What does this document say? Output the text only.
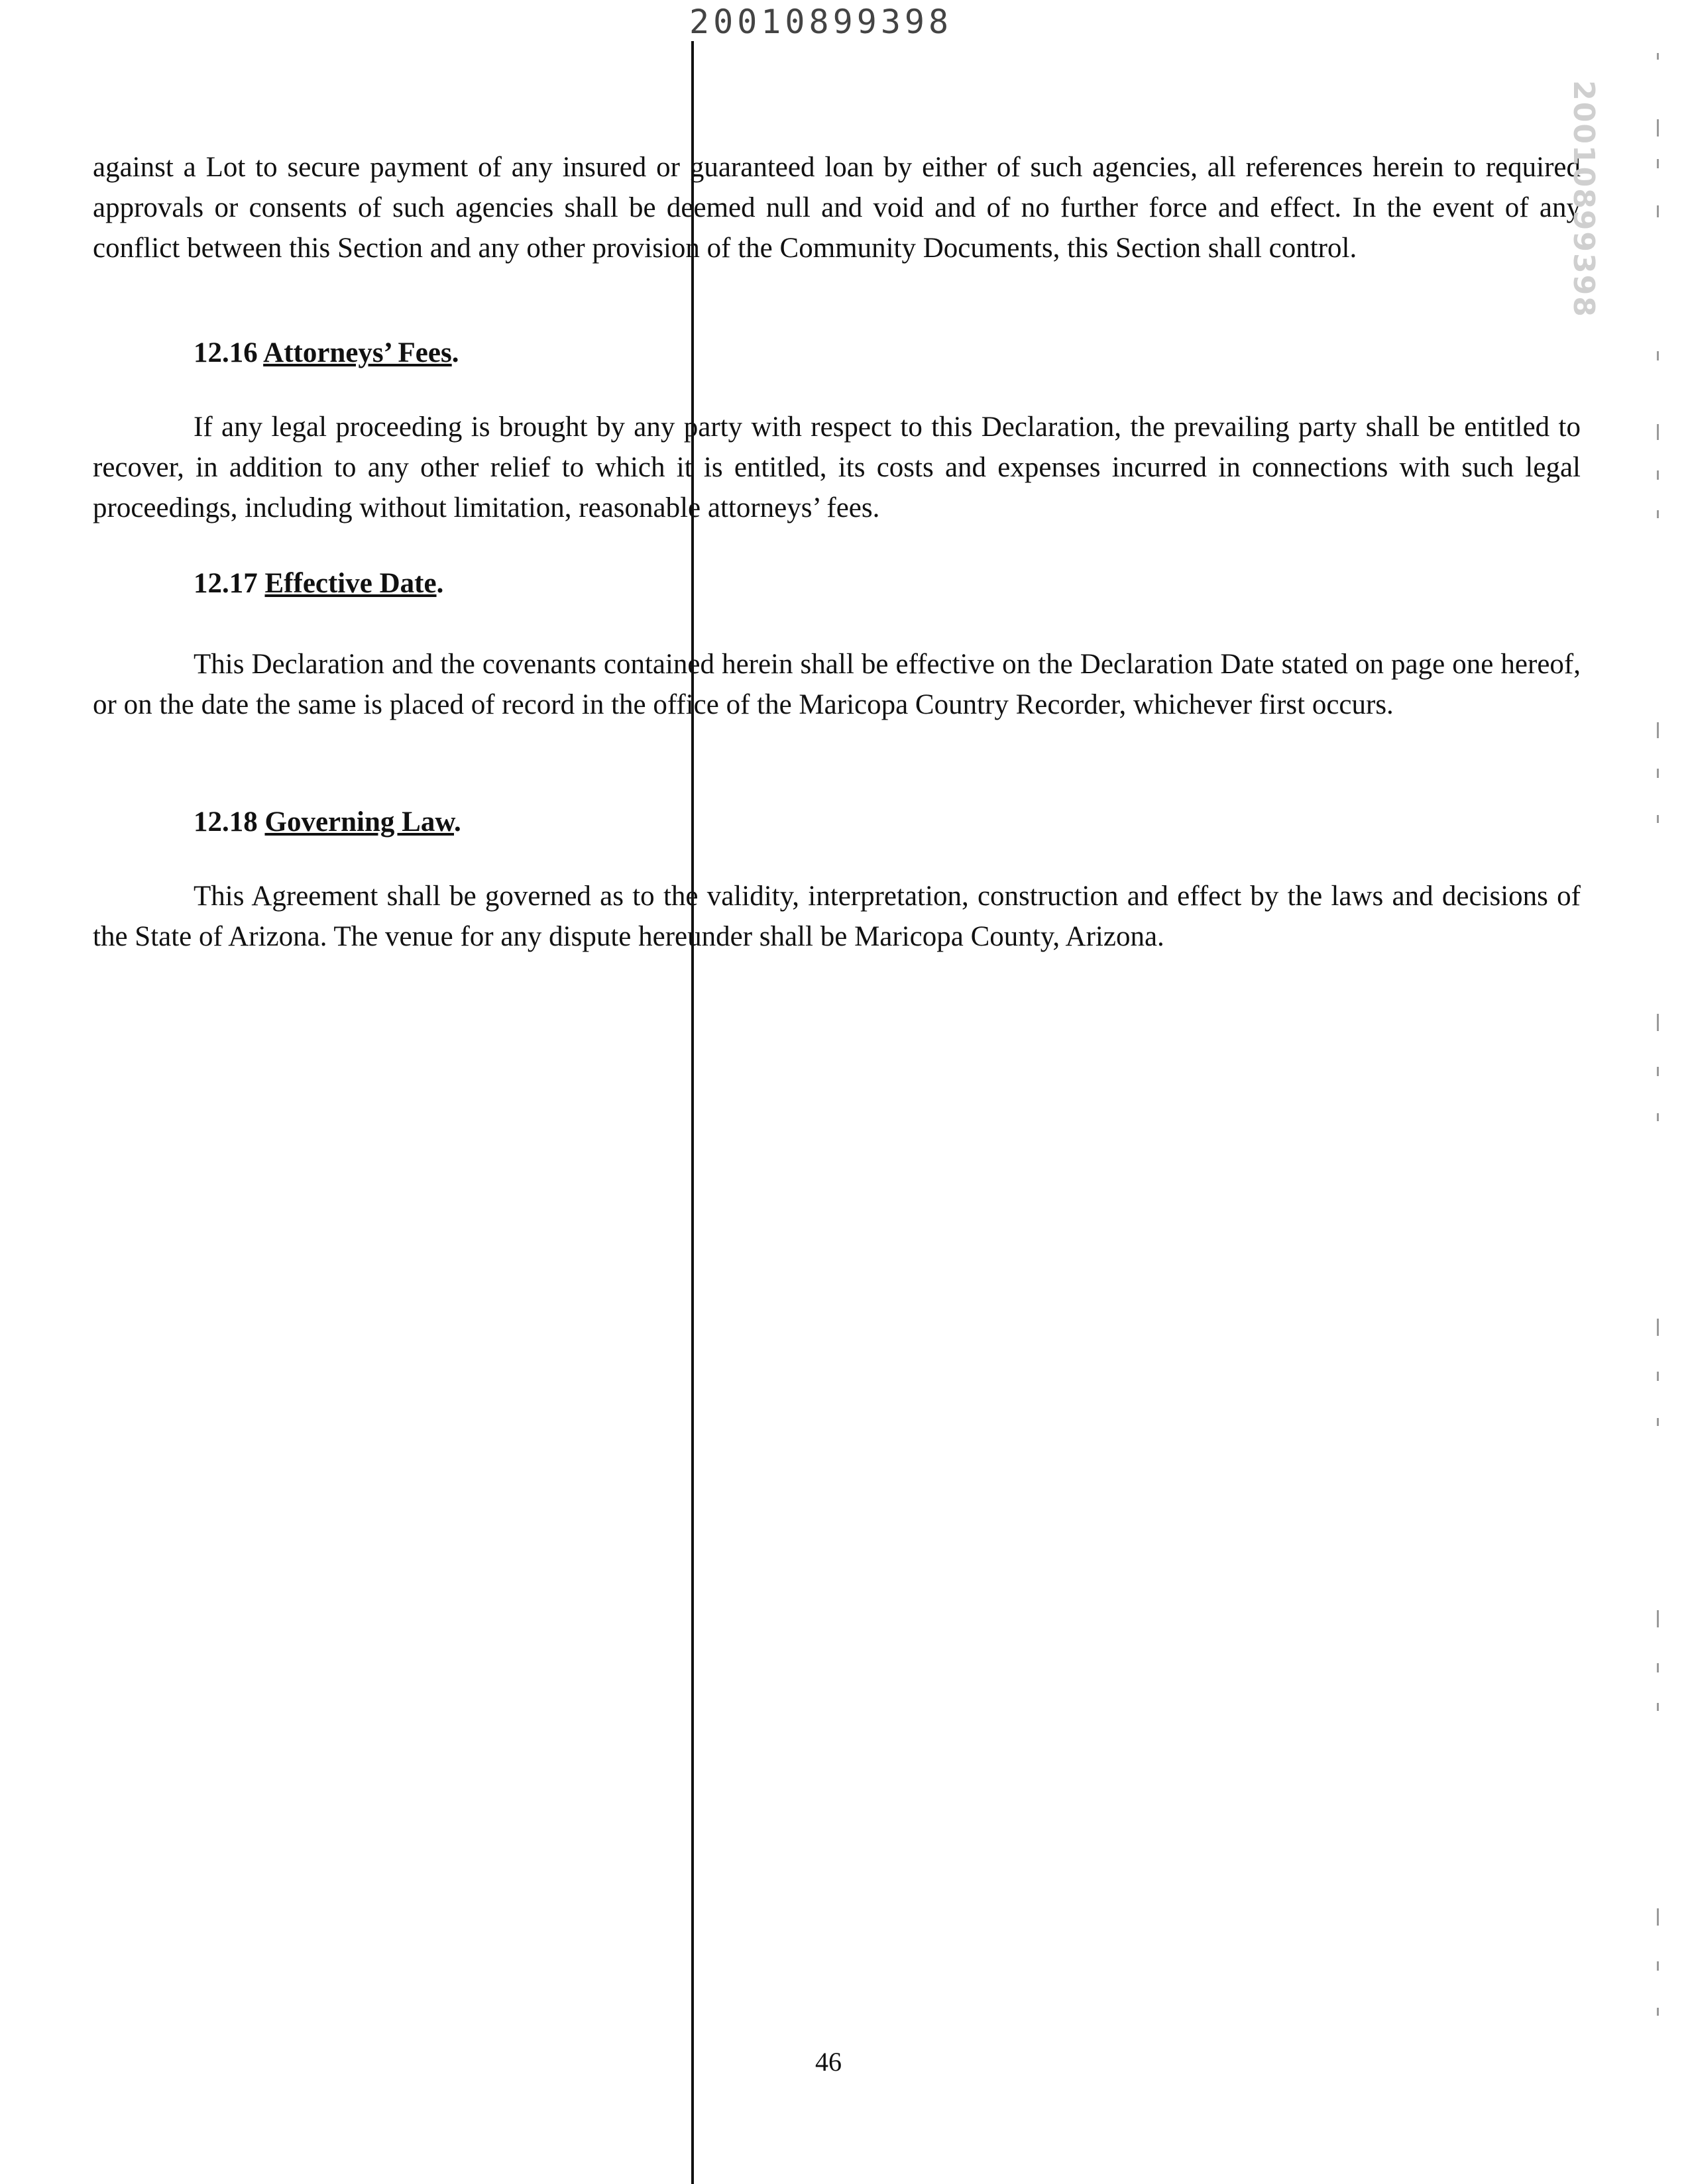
20010899398

against a Lot to secure payment of any insured or guaranteed loan by either of such agencies, all references herein to required approvals or consents of such agencies shall be deemed null and void and of no further force and effect. In the event of any conflict between this Section and any other provision of the Community Documents, this Section shall control.

12.16 Attorneys’ Fees.

If any legal proceeding is brought by any party with respect to this Declaration, the prevailing party shall be entitled to recover, in addition to any other relief to which it is entitled, its costs and expenses incurred in connections with such legal proceedings, including without limitation, reasonable attorneys’ fees.

12.17 Effective Date.

This Declaration and the covenants contained herein shall be effective on the Declaration Date stated on page one hereof, or on the date the same is placed of record in the office of the Maricopa Country Recorder, whichever first occurs.

12.18 Governing Law.

This Agreement shall be governed as to the validity, interpretation, construction and effect by the laws and decisions of the State of Arizona. The venue for any dispute hereunder shall be Maricopa County, Arizona.

20010899398
46
